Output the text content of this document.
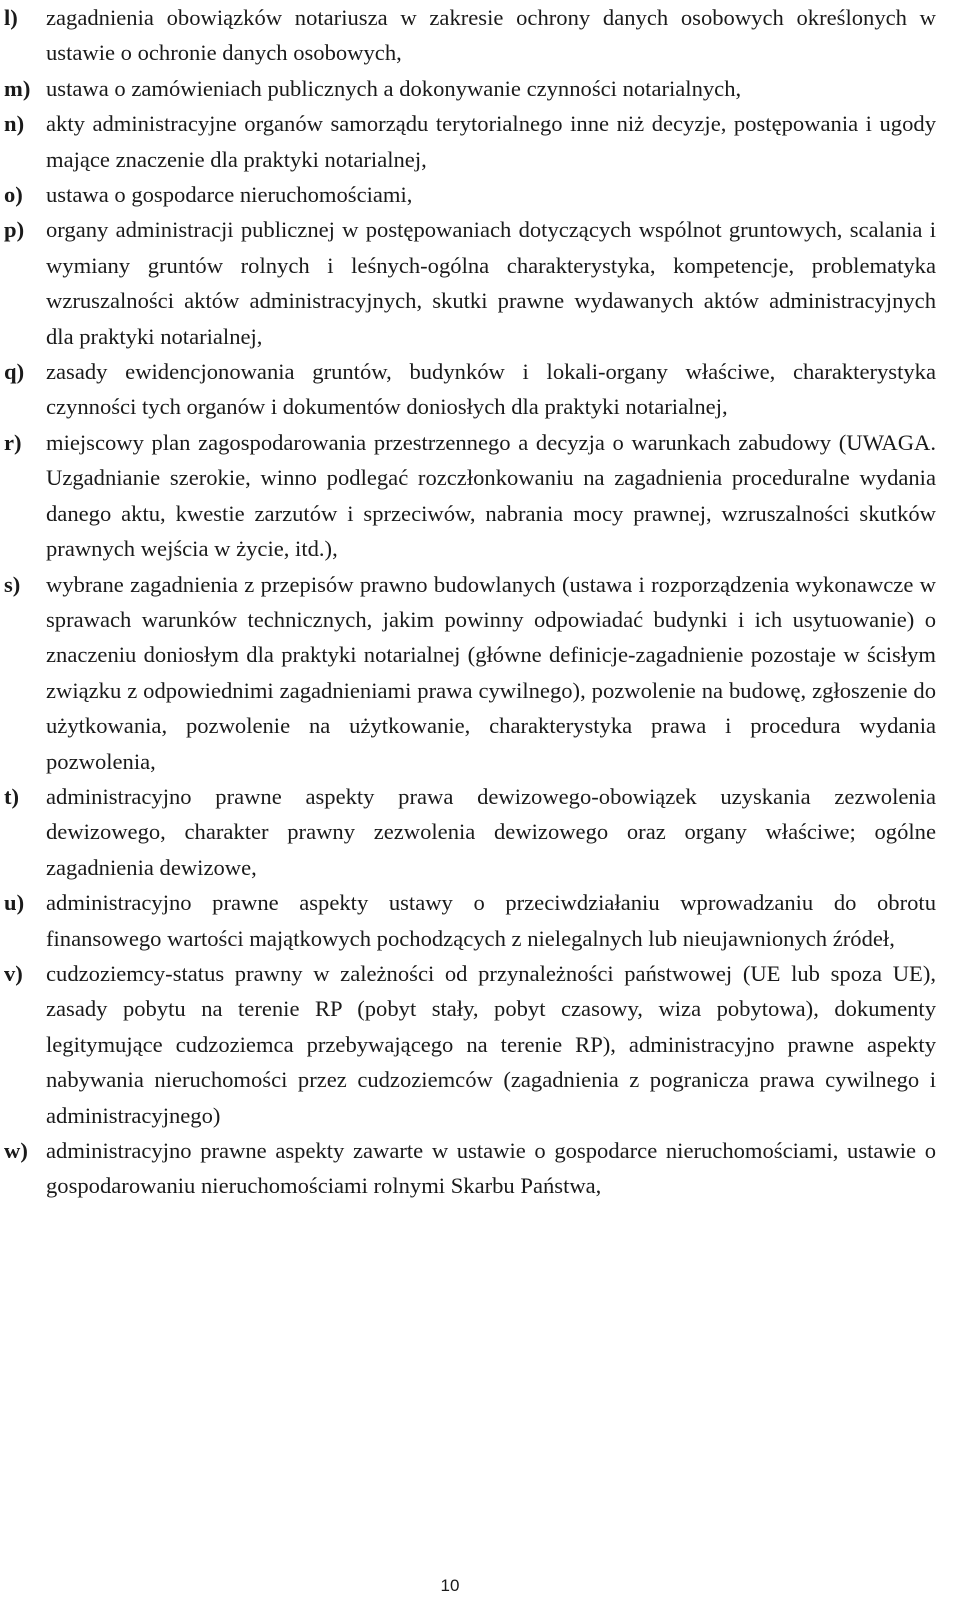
l) zagadnienia obowiązków notariusza w zakresie ochrony danych osobowych określonych w ustawie o ochronie danych osobowych,
m) ustawa o zamówieniach publicznych a dokonywanie czynności notarialnych,
n) akty administracyjne organów samorządu terytorialnego inne niż decyzje, postępowania i ugody mające znaczenie dla praktyki notarialnej,
o) ustawa o gospodarce nieruchomościami,
p) organy administracji publicznej w postępowaniach dotyczących wspólnot gruntowych, scalania i wymiany gruntów rolnych i leśnych-ogólna charakterystyka, kompetencje, problematyka wzruszalności aktów administracyjnych, skutki prawne wydawanych aktów administracyjnych dla praktyki notarialnej,
q) zasady ewidencjonowania gruntów, budynków i lokali-organy właściwe, charakterystyka czynności tych organów i dokumentów doniosłych dla praktyki notarialnej,
r) miejscowy plan zagospodarowania przestrzennego a decyzja o warunkach zabudowy (UWAGA. Uzgadnianie szerokie, winno podlegać rozczłonkowaniu na zagadnienia proceduralne wydania danego aktu, kwestie zarzutów i sprzeciwów, nabrania mocy prawnej, wzruszalności skutków prawnych wejścia w życie, itd.),
s) wybrane zagadnienia z przepisów prawno budowlanych (ustawa i rozporządzenia wykonawcze w sprawach warunków technicznych, jakim powinny odpowiadać budynki i ich usytuowanie) o znaczeniu doniosłym dla praktyki notarialnej (główne definicje-zagadnienie pozostaje w ścisłym związku z odpowiednimi zagadnieniami prawa cywilnego), pozwolenie na budowę, zgłoszenie do użytkowania, pozwolenie na użytkowanie, charakterystyka prawa i procedura wydania pozwolenia,
t) administracyjno prawne aspekty prawa dewizowego-obowiązek uzyskania zezwolenia dewizowego, charakter prawny zezwolenia dewizowego oraz organy właściwe; ogólne zagadnienia dewizowe,
u) administracyjno prawne aspekty ustawy o przeciwdziałaniu wprowadzaniu do obrotu finansowego wartości majątkowych pochodzących z nielegalnych lub nieujawnionych źródeł,
v) cudzoziemcy-status prawny w zależności od przynależności państwowej (UE lub spoza UE), zasady pobytu na terenie RP (pobyt stały, pobyt czasowy, wiza pobytowa), dokumenty legitymujące cudzoziemca przebywającego na terenie RP), administracyjno prawne aspekty nabywania nieruchomości przez cudzoziemców (zagadnienia z pogranicza prawa cywilnego i administracyjnego)
w) administracyjno prawne aspekty zawarte w ustawie o gospodarce nieruchomościami, ustawie o gospodarowaniu nieruchomościami rolnymi Skarbu Państwa,
10
